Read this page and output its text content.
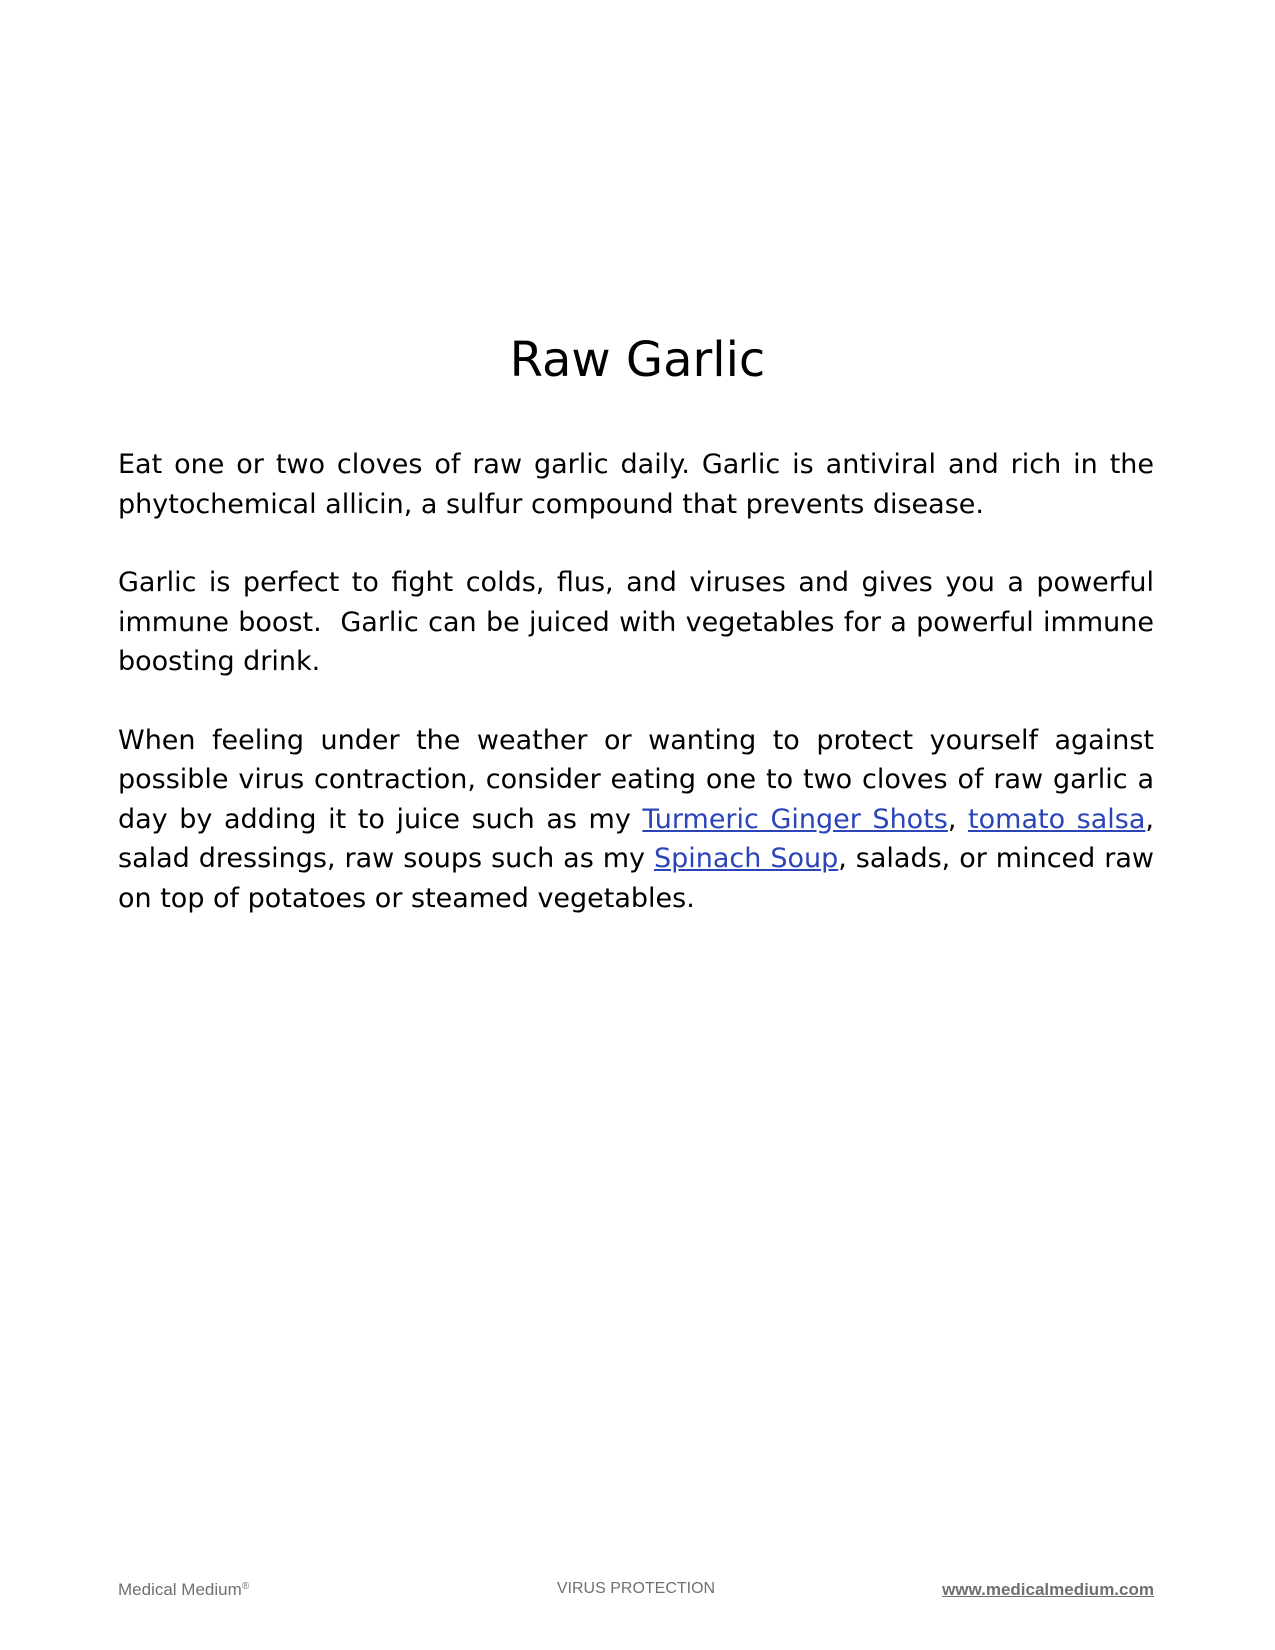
Raw Garlic

Eat one or two cloves of raw garlic daily. Garlic is antiviral and rich in the phytochemical allicin, a sulfur compound that prevents disease.

Garlic is perfect to fight colds, flus, and viruses and gives you a powerful immune boost.  Garlic can be juiced with vegetables for a powerful immune boosting drink.

When feeling under the weather or wanting to protect yourself against possible virus contraction, consider eating one to two cloves of raw garlic a day by adding it to juice such as my Turmeric Ginger Shots, tomato salsa, salad dressings, raw soups such as my Spinach Soup, salads, or minced raw on top of potatoes or steamed vegetables.

Medical Medium®	VIRUS PROTECTION	www.medicalmedium.com
